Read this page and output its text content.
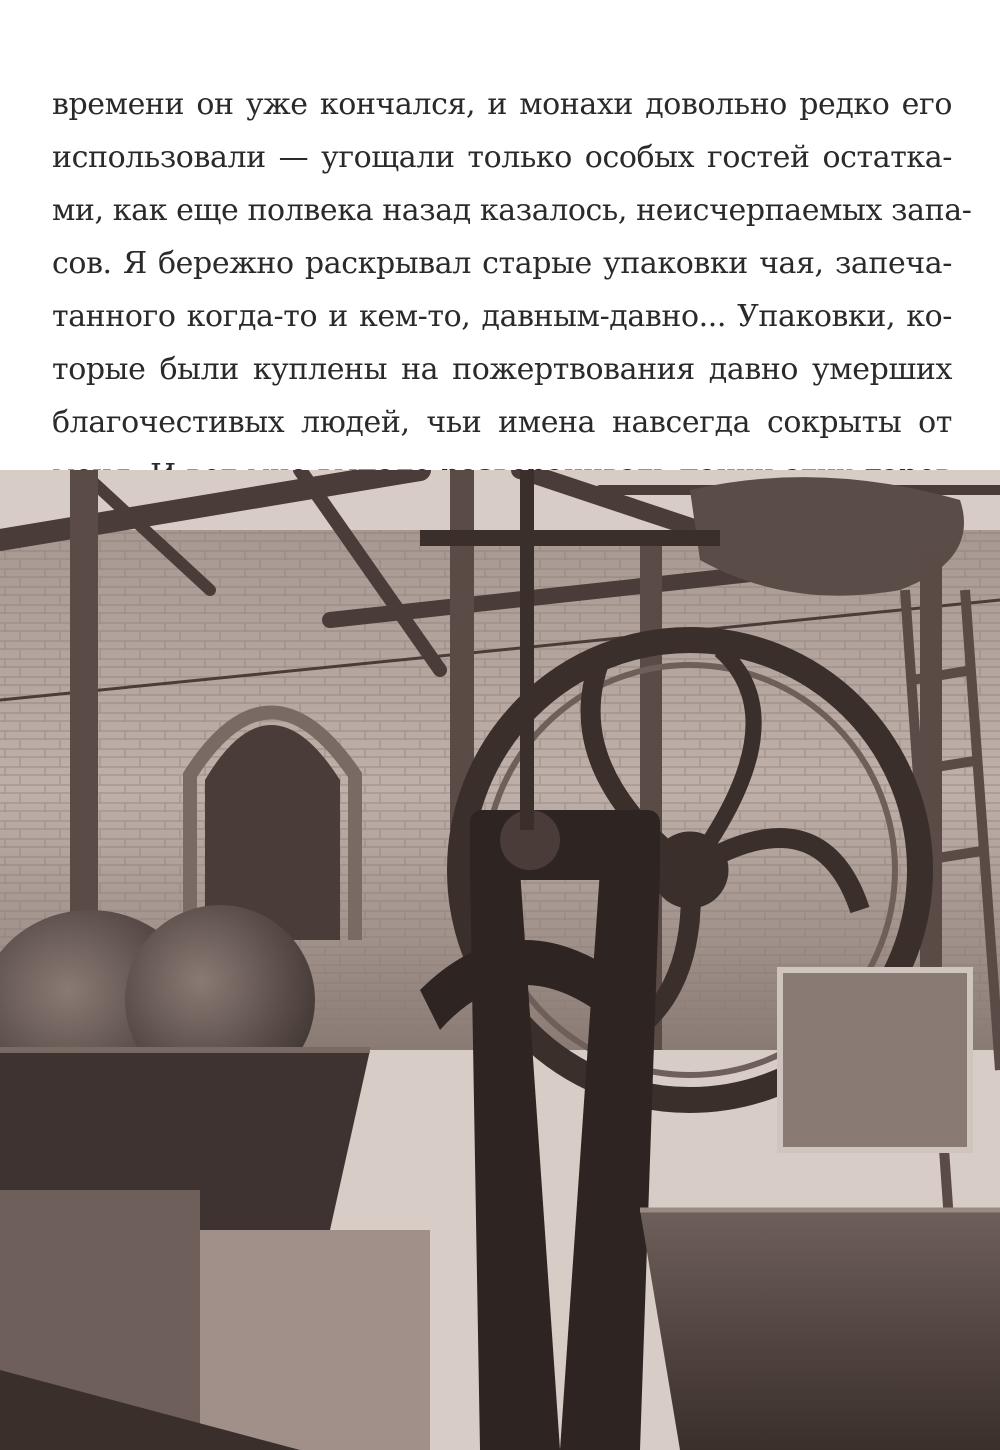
времени он уже кончался, и монахи довольно редко его
использовали — угощали только особых гостей остатка-
ми, как еще полвека назад казалось, неисчерпаемых запа-
сов. Я бережно раскрывал старые упаковки чая, запеча-
танного когда-то и кем-то, давным-давно... Упаковки, ко-
торые были куплены на пожертвования давно умерших
благочестивых людей, чьи имена навсегда сокрыты от
